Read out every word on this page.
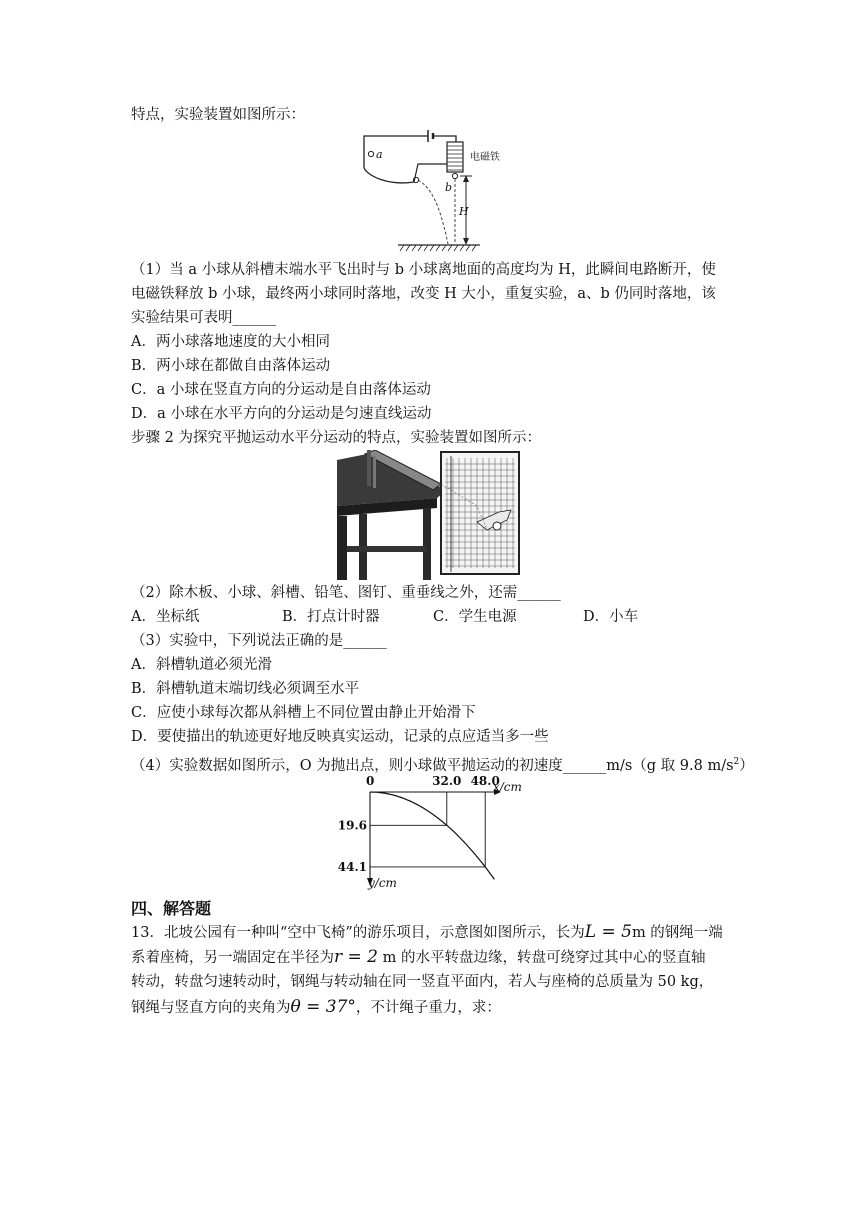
特点，实验装置如图所示：
电磁铁
a
b
H
（1）当 a 小球从斜槽末端水平飞出时与 b 小球离地面的高度均为 H，此瞬间电路断开，使
电磁铁释放 b 小球，最终两小球同时落地，改变 H 大小，重复实验，a、b 仍同时落地，该
实验结果可表明______
A．两小球落地速度的大小相同
B．两小球在都做自由落体运动
C．a 小球在竖直方向的分运动是自由落体运动
D．a 小球在水平方向的分运动是匀速直线运动
步骤 2 为探究平抛运动水平分运动的特点，实验装置如图所示：
（2）除木板、小球、斜槽、铅笔、图钉、重垂线之外，还需______
A．坐标纸	B．打点计时器	C．学生电源	D．小车
（3）实验中，下列说法正确的是______
A．斜槽轨道必须光滑
B．斜槽轨道末端切线必须调至水平
C．应使小球每次都从斜槽上不同位置由静止开始滑下
D．要使描出的轨迹更好地反映真实运动，记录的点应适当多一些
（4）实验数据如图所示，O 为抛出点，则小球做平抛运动的初速度______m/s（g 取 9.8 $m/s^2$）
0	x/cm
y/cm
32.0 48.0
19.6
44.1
四、解答题
13．北坡公园有一种叫“空中飞椅”的游乐项目，示意图如图所示，长为L = 5m 的钢绳一端
系着座椅，另一端固定在半径为r = 2 m 的水平转盘边缘，转盘可绕穿过其中心的竖直轴
转动，转盘匀速转动时，钢绳与转动轴在同一竖直平面内，若人与座椅的总质量为 50 kg，
钢绳与竖直方向的夹角为θ = 37°，不计绳子重力，求：
